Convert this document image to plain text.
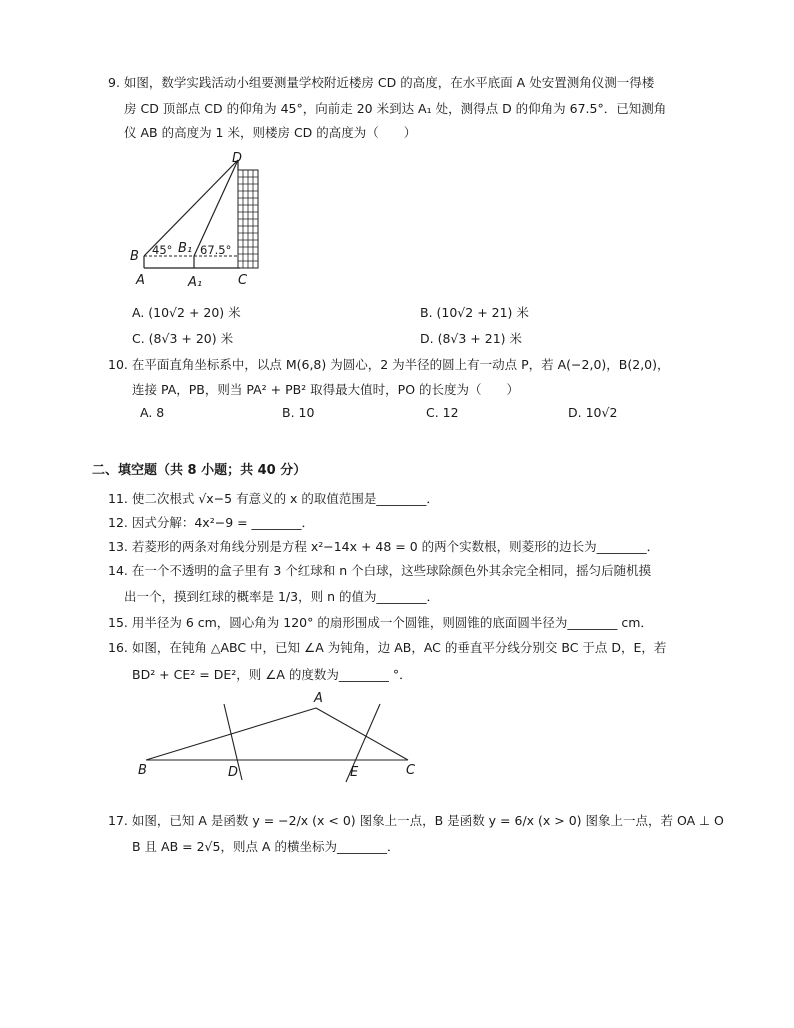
9. 如图，数学实践活动小组要测量学校附近楼房 CD 的高度，在水平底面 A 处安置测角仪测一得楼
房 CD 顶部点 CD 的仰角为 45°，向前走 20 米到达 A₁ 处，测得点 D 的仰角为 67.5°．已知测角
仪 AB 的高度为 1 米，则楼房 CD 的高度为（　　）
D
B
B₁
A	A₁	C
45° 67.5°
A. (10√2 + 20) 米	B. (10√2 + 21) 米
C. (8√3 + 20) 米	D. (8√3 + 21) 米
10. 在平面直角坐标系中，以点 M(6,8) 为圆心，2 为半径的圆上有一动点 P，若 A(−2,0)，B(2,0)，
连接 PA，PB，则当 PA² + PB² 取得最大值时，PO 的长度为（　　）
A. 8	B. 10	C. 12	D. 10√2
二、填空题（共 8 小题；共 40 分）
11. 使二次根式 √x−5 有意义的 x 的取值范围是________．
12. 因式分解：4x²−9 = ________．
13. 若菱形的两条对角线分别是方程 x²−14x + 48 = 0 的两个实数根，则菱形的边长为________．
14. 在一个不透明的盒子里有 3 个红球和 n 个白球，这些球除颜色外其余完全相同，摇匀后随机摸
出一个，摸到红球的概率是 1/3，则 n 的值为________．
15. 用半径为 6 cm，圆心角为 120° 的扇形围成一个圆锥，则圆锥的底面圆半径为________ cm．
16. 如图，在钝角 △ABC 中，已知 ∠A 为钝角，边 AB，AC 的垂直平分线分别交 BC 于点 D，E，若
BD² + CE² = DE²，则 ∠A 的度数为________ °．
A
B	D	E	C
17. 如图，已知 A 是函数 y = −2/x (x < 0) 图象上一点，B 是函数 y = 6/x (x > 0) 图象上一点，若 OA ⊥ O
B 且 AB = 2√5，则点 A 的横坐标为________．
